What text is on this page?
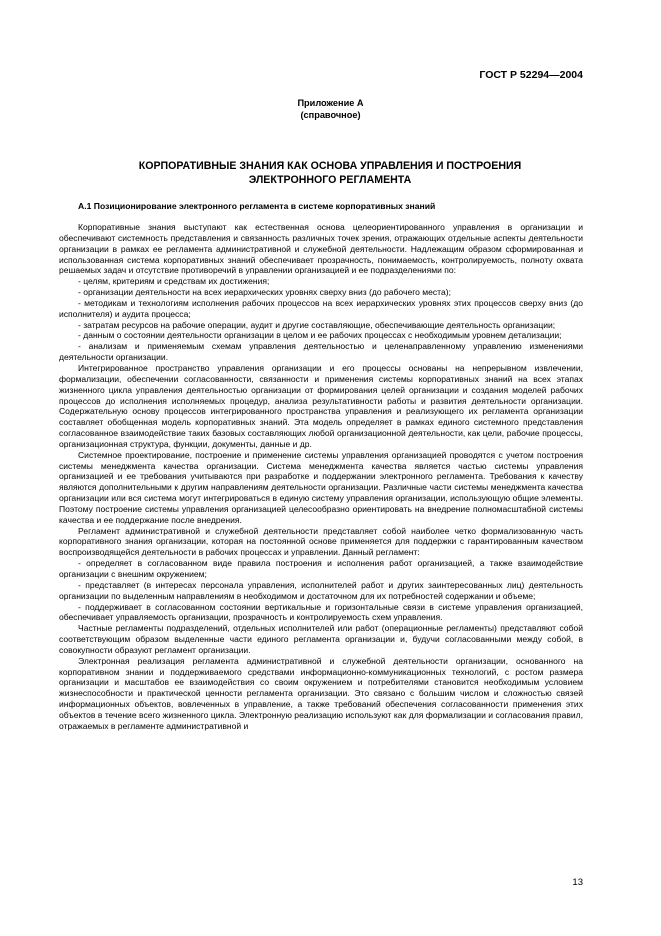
ГОСТ Р 52294—2004
Приложение А
(справочное)
КОРПОРАТИВНЫЕ ЗНАНИЯ КАК ОСНОВА УПРАВЛЕНИЯ И ПОСТРОЕНИЯ
ЭЛЕКТРОННОГО РЕГЛАМЕНТА
А.1 Позиционирование электронного регламента в системе корпоративных знаний

Корпоративные знания выступают как естественная основа целеориентированного управления в организации и обеспечивают системность представления и связанность различных точек зрения, отражающих отдельные аспекты деятельности организации в рамках ее регламента административной и служебной деятельности. Надлежащим образом сформированная и использованная система корпоративных знаний обеспечивает прозрачность, понимаемость, контролируемость, полноту охвата решаемых задач и отсутствие противоречий в управлении организацией и ее подразделениями по:

- целям, критериям и средствам их достижения;

- организации деятельности на всех иерархических уровнях сверху вниз (до рабочего места);

- методикам и технологиям исполнения рабочих процессов на всех иерархических уровнях этих процессов сверху вниз (до исполнителя) и аудита процесса;

- затратам ресурсов на рабочие операции, аудит и другие составляющие, обеспечивающие деятельность организации;

- данным о состоянии деятельности организации в целом и ее рабочих процессах с необходимым уровнем детализации;

- анализам и применяемым схемам управления деятельностью и целенаправленному управлению изменениями деятельности организации.

Интегрированное пространство управления организации и его процессы основаны на непрерывном извлечении, формализации, обеспечении согласованности, связанности и применения системы корпоративных знаний на всех этапах жизненного цикла управления деятельностью организации от формирования целей организации и создания моделей рабочих процессов до исполнения исполняемых процедур, анализа результативности работы и развития деятельности организации. Содержательную основу процессов интегрированного пространства управления и реализующего их регламента организации составляет обобщенная модель корпоративных знаний. Эта модель определяет в рамках единого системного представления согласованное взаимодействие таких базовых составляющих любой организационной деятельности, как цели, рабочие процессы, организационная структура, функции, документы, данные и др.

Системное проектирование, построение и применение системы управления организацией проводятся с учетом построения системы менеджмента качества организации. Система менеджмента качества является частью системы управления организацией и ее требования учитываются при разработке и поддержании электронного регламента. Требования к качеству являются дополнительными к другим направлениям деятельности организации. Различные части системы менеджмента качества организации или вся система могут интегрироваться в единую систему управления организации, использующую общие элементы. Поэтому построение системы управления организацией целесообразно ориентировать на внедрение полномасштабной системы качества и ее поддержание после внедрения.

Регламент административной и служебной деятельности представляет собой наиболее четко формализованную часть корпоративного знания организации, которая на постоянной основе применяется для поддержки с гарантированным качеством воспроизводящейся деятельности в рабочих процессах и управлении. Данный регламент:

- определяет в согласованном виде правила построения и исполнения работ организацией, а также взаимодействие организации с внешним окружением;

- представляет (в интересах персонала управления, исполнителей работ и других заинтересованных лиц) деятельность организации по выделенным направлениям в необходимом и достаточном для их потребностей содержании и объеме;

- поддерживает в согласованном состоянии вертикальные и горизонтальные связи в системе управления организацией, обеспечивает управляемость организации, прозрачность и контролируемость схем управления.

Частные регламенты подразделений, отдельных исполнителей или работ (операционные регламенты) представляют собой соответствующим образом выделенные части единого регламента организации и, будучи согласованными между собой, в совокупности образуют регламент организации.

Электронная реализация регламента административной и служебной деятельности организации, основанного на корпоративном знании и поддерживаемого средствами информационно-коммуникационных технологий, с ростом размера организации и масштабов ее взаимодействия со своим окружением и потребителями становится необходимым условием жизнеспособности и практической ценности регламента организации. Это связано с большим числом и сложностью связей информационных объектов, вовлеченных в управление, а также требований обеспечения согласованности применения этих объектов в течение всего жизненного цикла. Электронную реализацию используют как для формализации и согласования правил, отражаемых в регламенте административной и

13
